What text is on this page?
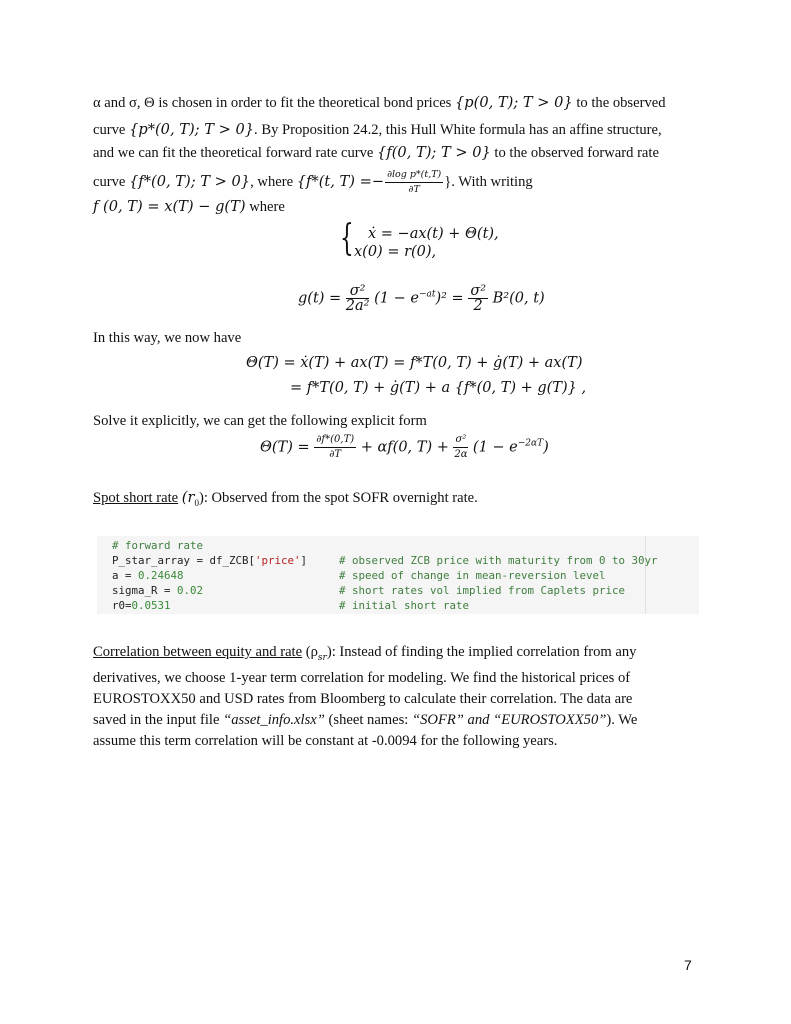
α and σ, Θ is chosen in order to fit the theoretical bond prices {p(0, T); T > 0} to the observed
curve {p*(0, T); T > 0}. By Proposition 24.2, this Hull White formula has an affine structure,
and we can fit the theoretical forward rate curve {f(0, T); T > 0} to the observed forward rate
curve {f*(0, T); T > 0}, where {f*(t, $T) =- \frac{\text{∂log p*(t,T)}}{\partial T}$ }. With writing
f (0, T) = x(T) − g(T) where
{ ẋ = −ax(t) + Θ(t),
x(0) = r(0),
$g(t) = \frac{\text{σ²}}{\text{2a²}} (1 - e^{-at})^2 = \frac{\text{σ²}}{2} B^2(0$, t)
In this way, we now have
Θ(T) = ẋ(T) + ax(T) = f*T(0, T) + ġ(T) + ax(T)
= f*T(0, T) + ġ(T) + a {f*(0, T) + g(T)} ,
Solve it explicitly, we can get the following explicit form
$\Theta(T) = \frac{\partial f*(0,T)}{\partial T} + \alpha f(0$, $T) + \frac{\text{σ²}}{2\alpha} (1 - e^{-2\alpha T})$
Spot short rate $(r_0)$: Observed from the spot SOFR overnight rate.
# forward rate
P_star_array = df_ZCB['price']	# observed ZCB price with maturity from 0 to 30yr
a = 0.24648	# speed of change in mean-reversion level
sigma_R = 0.02	# short rates vol implied from Caplets price
r0=0.0531	# initial short rate
Correlation between equity and rate $(\rho_{sr})$: Instead of finding the implied correlation from any
derivatives, we choose 1-year term correlation for modeling. We find the historical prices of
EUROSTOXX50 and USD rates from Bloomberg to calculate their correlation. The data are
saved in the input file “asset_info.xlsx” (sheet names: “SOFR” and “EUROSTOXX50”). We
assume this term correlation will be constant at -0.0094 for the following years.
7
